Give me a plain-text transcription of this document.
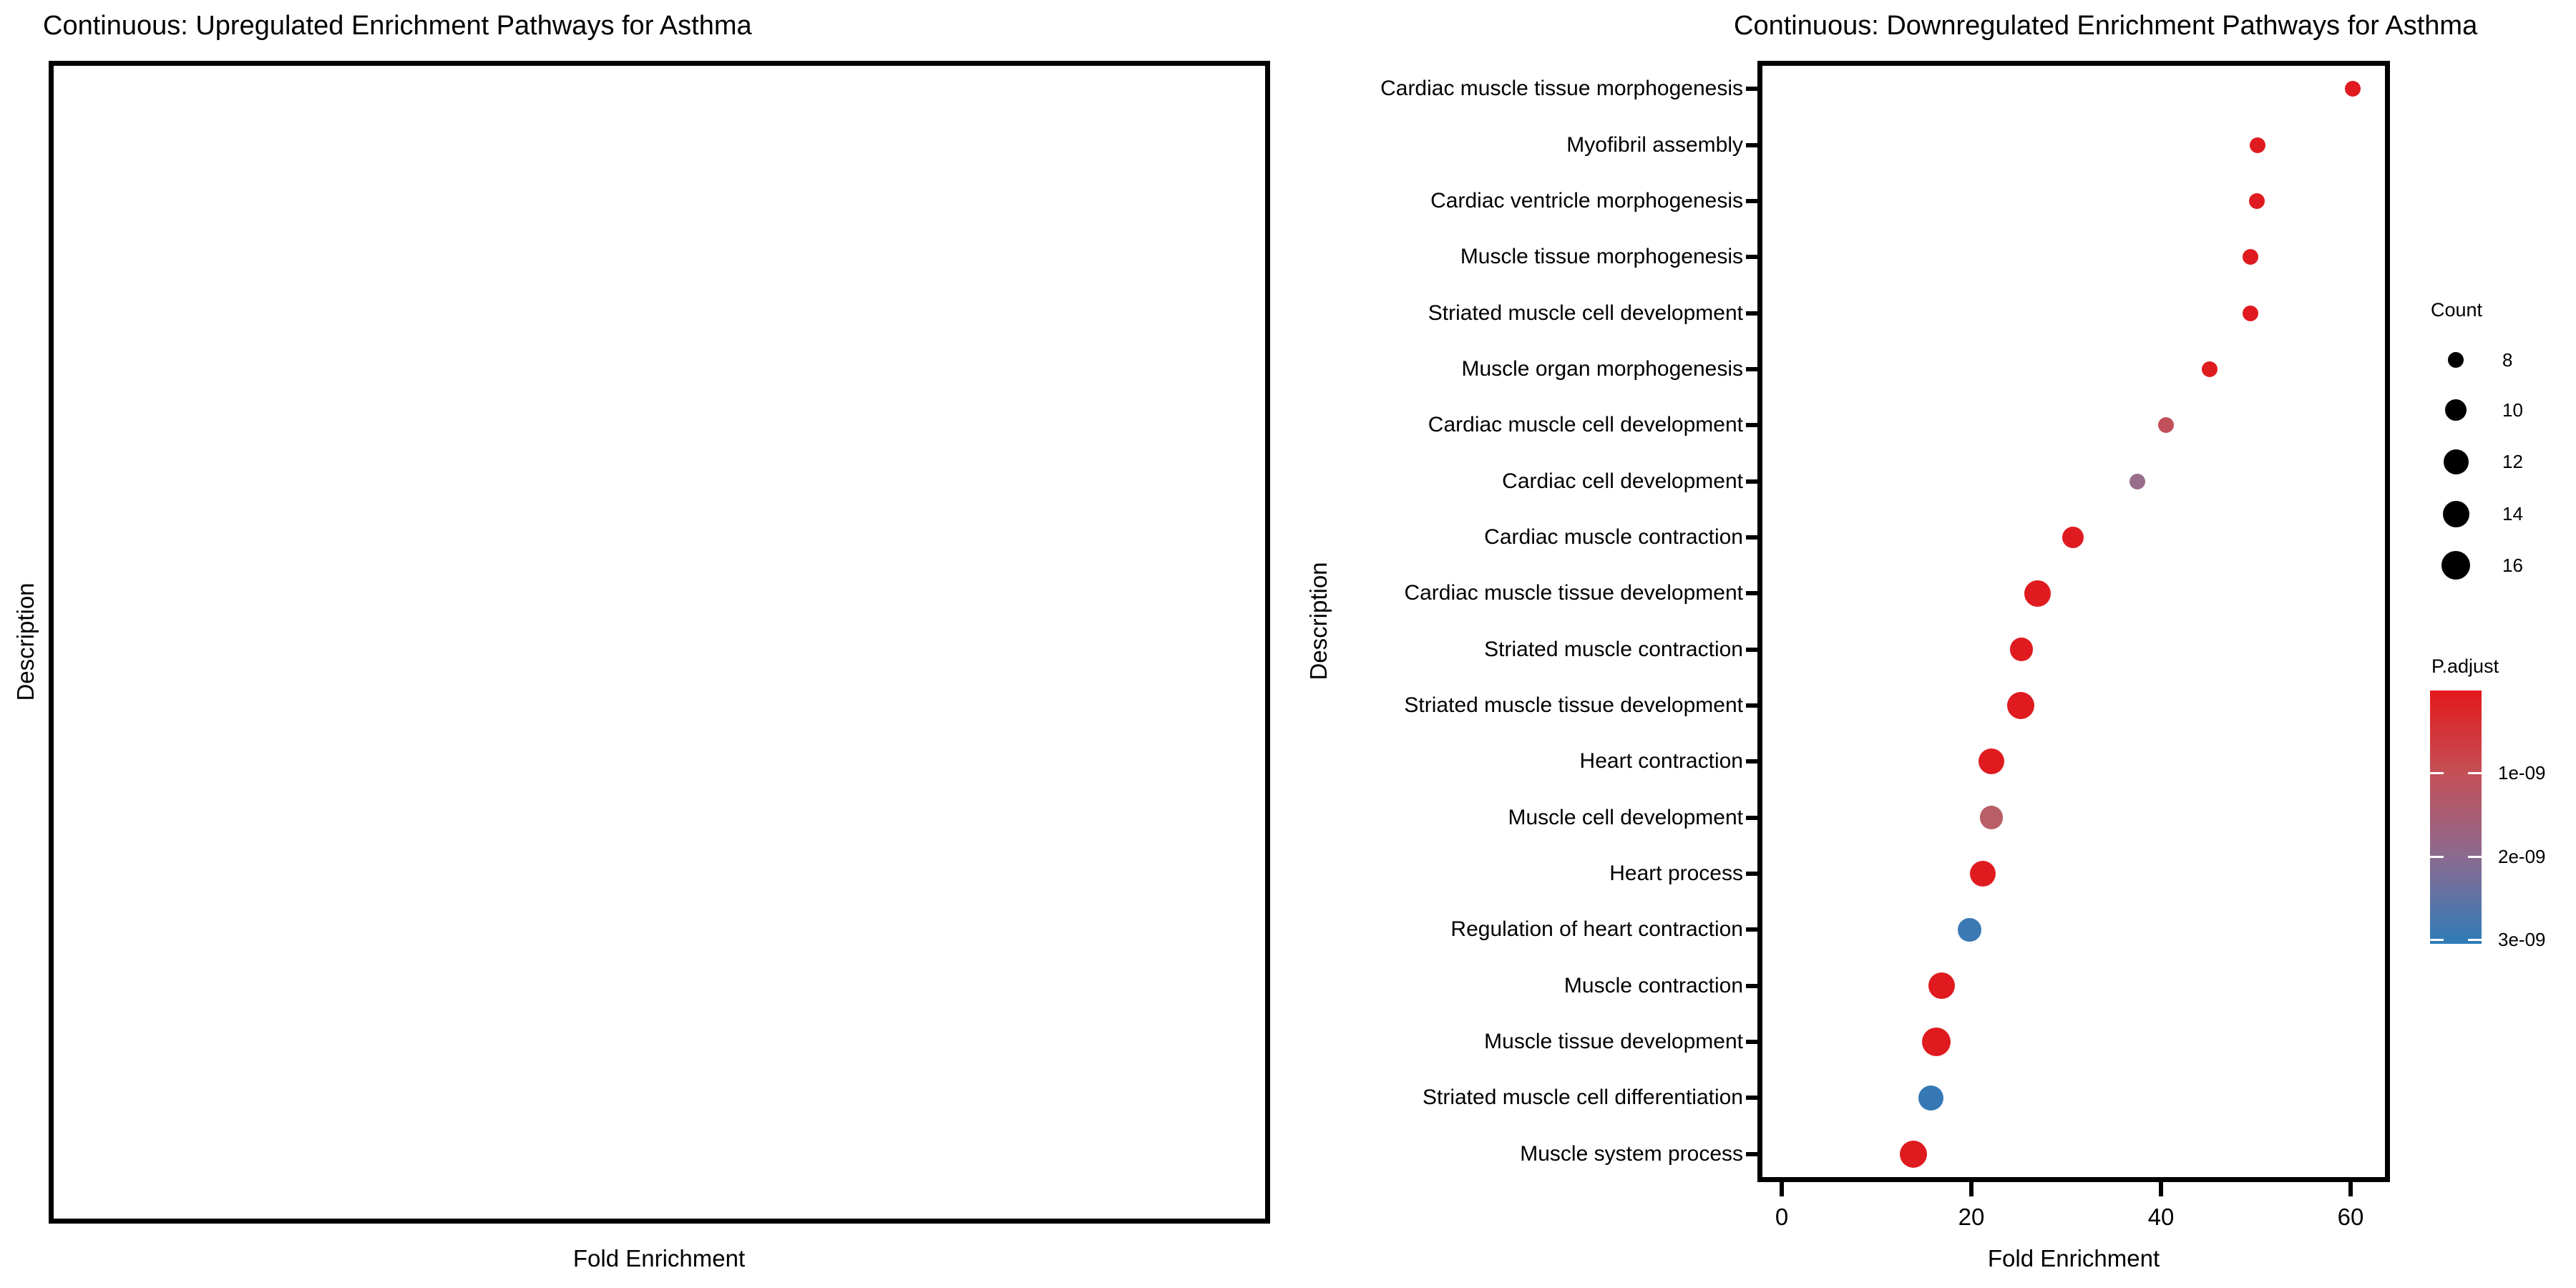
Continuous: Upregulated Enrichment Pathways for Asthma
Description
Fold Enrichment
Continuous: Downregulated Enrichment Pathways for Asthma
Description
Fold Enrichment
Cardiac muscle tissue morphogenesis
Myofibril assembly
Cardiac ventricle morphogenesis
Muscle tissue morphogenesis
Striated muscle cell development
Muscle organ morphogenesis
Cardiac muscle cell development
Cardiac cell development
Cardiac muscle contraction
Cardiac muscle tissue development
Striated muscle contraction
Striated muscle tissue development
Heart contraction
Muscle cell development
Heart process
Regulation of heart contraction
Muscle contraction
Muscle tissue development
Striated muscle cell differentiation
Muscle system process
0	20	40	60
Count
8
10
12
14
16
P.adjust
1e-09
2e-09
3e-09
